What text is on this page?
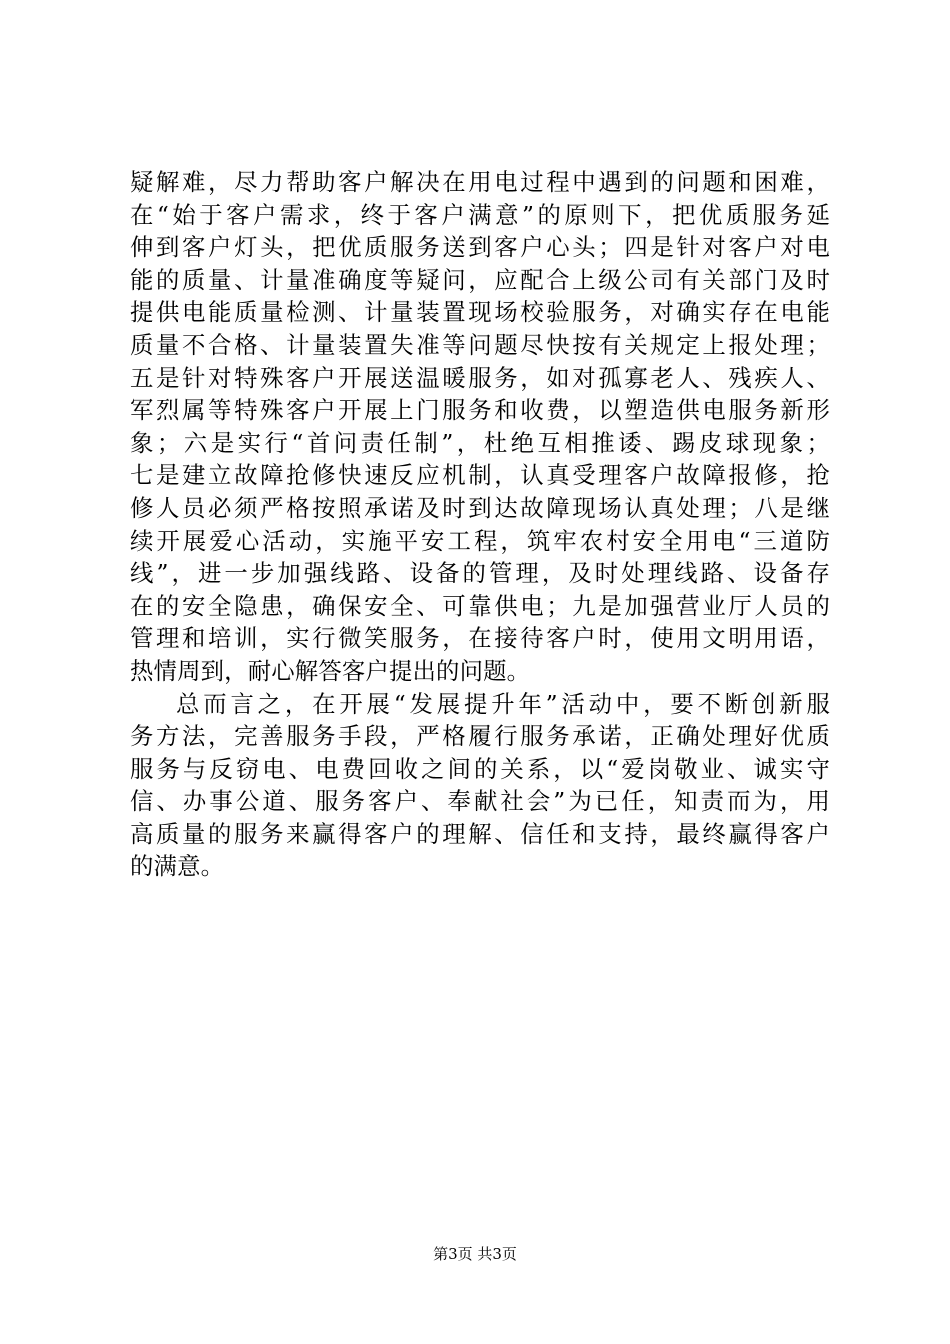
疑解难，尽力帮助客户解决在用电过程中遇到的问题和困难，
在“始于客户需求，终于客户满意”的原则下，把优质服务延
伸到客户灯头，把优质服务送到客户心头；四是针对客户对电
能的质量、计量准确度等疑问，应配合上级公司有关部门及时
提供电能质量检测、计量装置现场校验服务，对确实存在电能
质量不合格、计量装置失准等问题尽快按有关规定上报处理；
五是针对特殊客户开展送温暖服务，如对孤寡老人、残疾人、
军烈属等特殊客户开展上门服务和收费，以塑造供电服务新形
象；六是实行“首问责任制”，杜绝互相推诿、踢皮球现象；
七是建立故障抢修快速反应机制，认真受理客户故障报修，抢
修人员必须严格按照承诺及时到达故障现场认真处理；八是继
续开展爱心活动，实施平安工程，筑牢农村安全用电“三道防
线”，进一步加强线路、设备的管理，及时处理线路、设备存
在的安全隐患，确保安全、可靠供电；九是加强营业厅人员的
管理和培训，实行微笑服务，在接待客户时，使用文明用语，
热情周到，耐心解答客户提出的问题。
总而言之，在开展“发展提升年”活动中，要不断创新服
务方法，完善服务手段，严格履行服务承诺，正确处理好优质
服务与反窃电、电费回收之间的关系，以“爱岗敬业、诚实守
信、办事公道、服务客户、奉献社会”为已任，知责而为，用
高质量的服务来赢得客户的理解、信任和支持，最终赢得客户
的满意。
第3页 共3页
